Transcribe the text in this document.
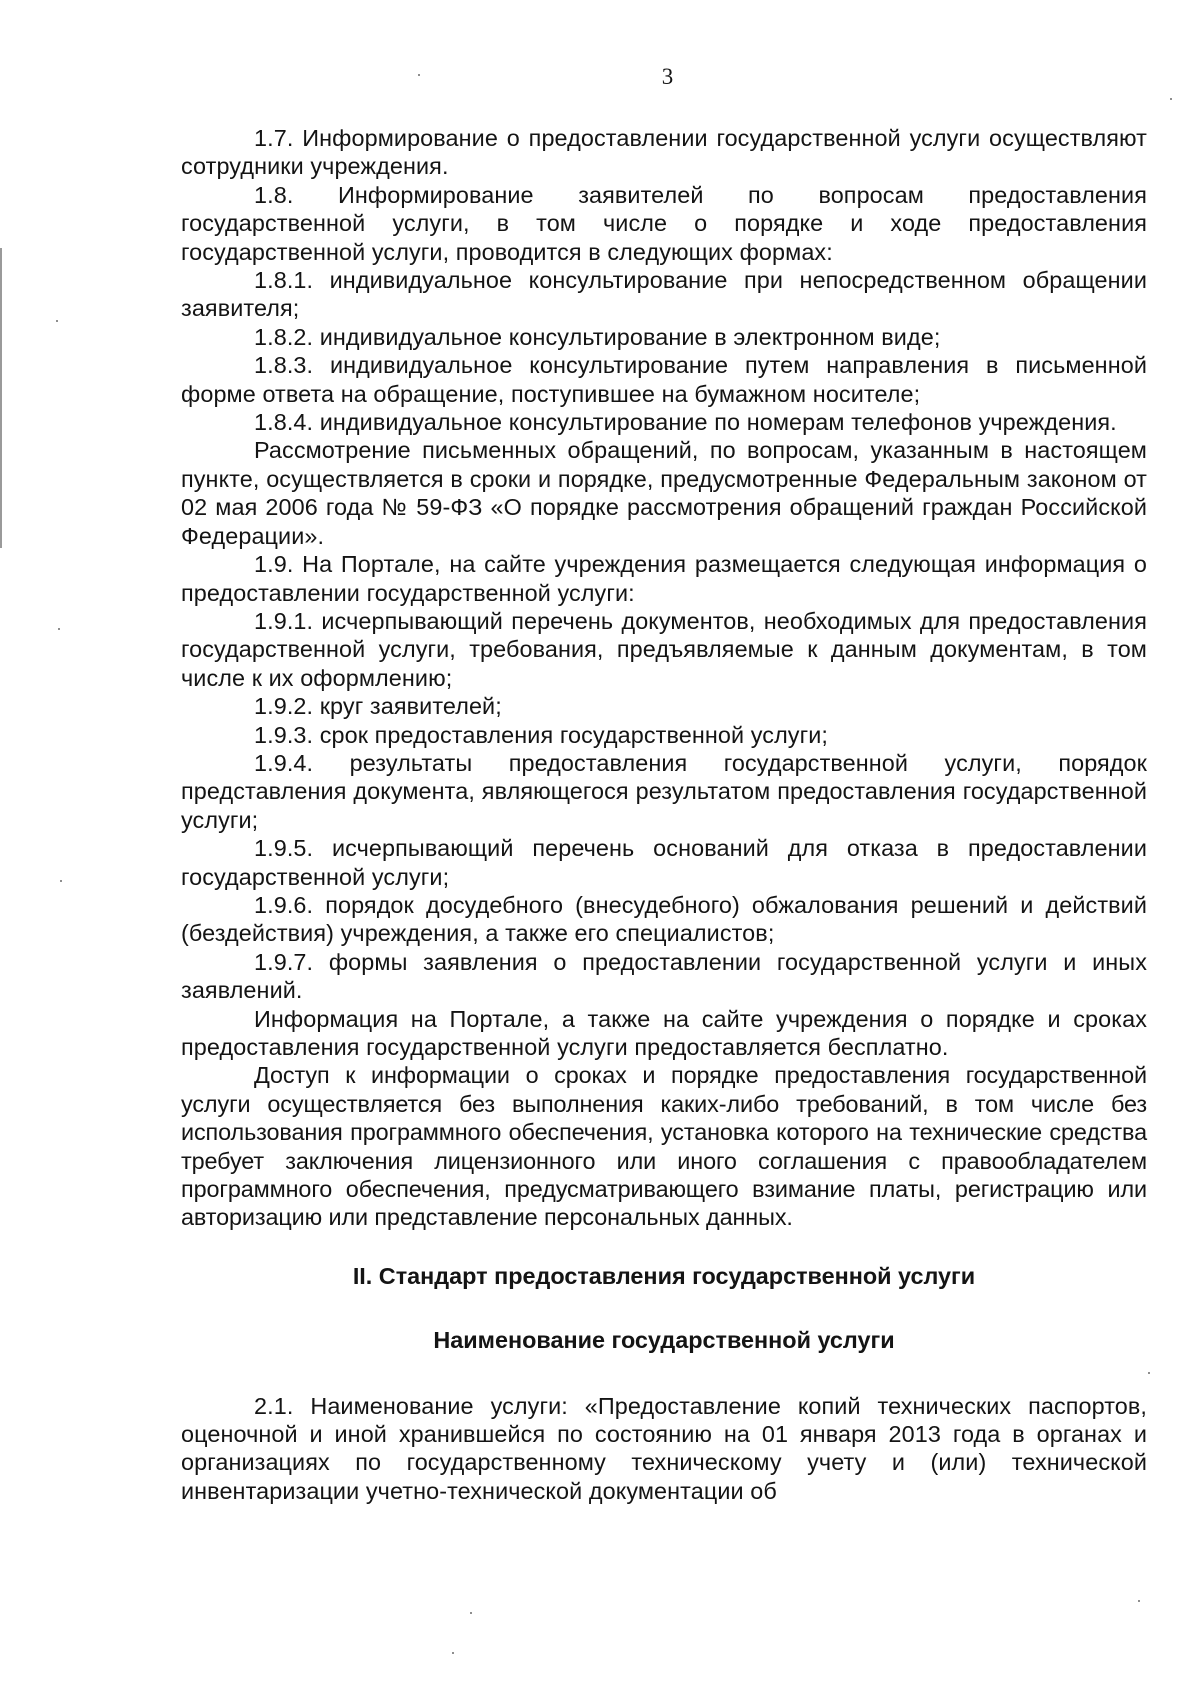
3

1.7. Информирование о предоставлении государственной услуги осуществляют сотрудники учреждения.

1.8. Информирование заявителей по вопросам предоставления государственной услуги, в том числе о порядке и ходе предоставления государственной услуги, проводится в следующих формах:

1.8.1. индивидуальное консультирование при непосредственном обращении заявителя;

1.8.2. индивидуальное консультирование в электронном виде;

1.8.3. индивидуальное консультирование путем направления в письменной форме ответа на обращение, поступившее на бумажном носителе;

1.8.4. индивидуальное консультирование по номерам телефонов учреждения.

Рассмотрение письменных обращений, по вопросам, указанным в настоящем пункте, осуществляется в сроки и порядке, предусмотренные Федеральным законом от 02 мая 2006 года № 59-ФЗ «О порядке рассмотрения обращений граждан Российской Федерации».

1.9. На Портале, на сайте учреждения размещается следующая информация о предоставлении государственной услуги:

1.9.1. исчерпывающий перечень документов, необходимых для предоставления государственной услуги, требования, предъявляемые к данным документам, в том числе к их оформлению;

1.9.2. круг заявителей;

1.9.3. срок предоставления государственной услуги;

1.9.4. результаты предоставления государственной услуги, порядок представления документа, являющегося результатом предоставления государственной услуги;

1.9.5. исчерпывающий перечень оснований для отказа в предоставлении государственной услуги;

1.9.6. порядок досудебного (внесудебного) обжалования решений и действий (бездействия) учреждения, а также его специалистов;

1.9.7. формы заявления о предоставлении государственной услуги и иных заявлений.

Информация на Портале, а также на сайте учреждения о порядке и сроках предоставления государственной услуги предоставляется бесплатно.

Доступ к информации о сроках и порядке предоставления государственной услуги осуществляется без выполнения каких-либо требований, в том числе без использования программного обеспечения, установка которого на технические средства требует заключения лицензионного или иного соглашения с правообладателем программного обеспечения, предусматривающего взимание платы, регистрацию или авторизацию или представление персональных данных.

II. Стандарт предоставления государственной услуги
Наименование государственной услуги

2.1. Наименование услуги: «Предоставление копий технических паспортов, оценочной и иной хранившейся по состоянию на 01 января 2013 года в органах и организациях по государственному техническому учету и (или) технической инвентаризации учетно-технической документации об
